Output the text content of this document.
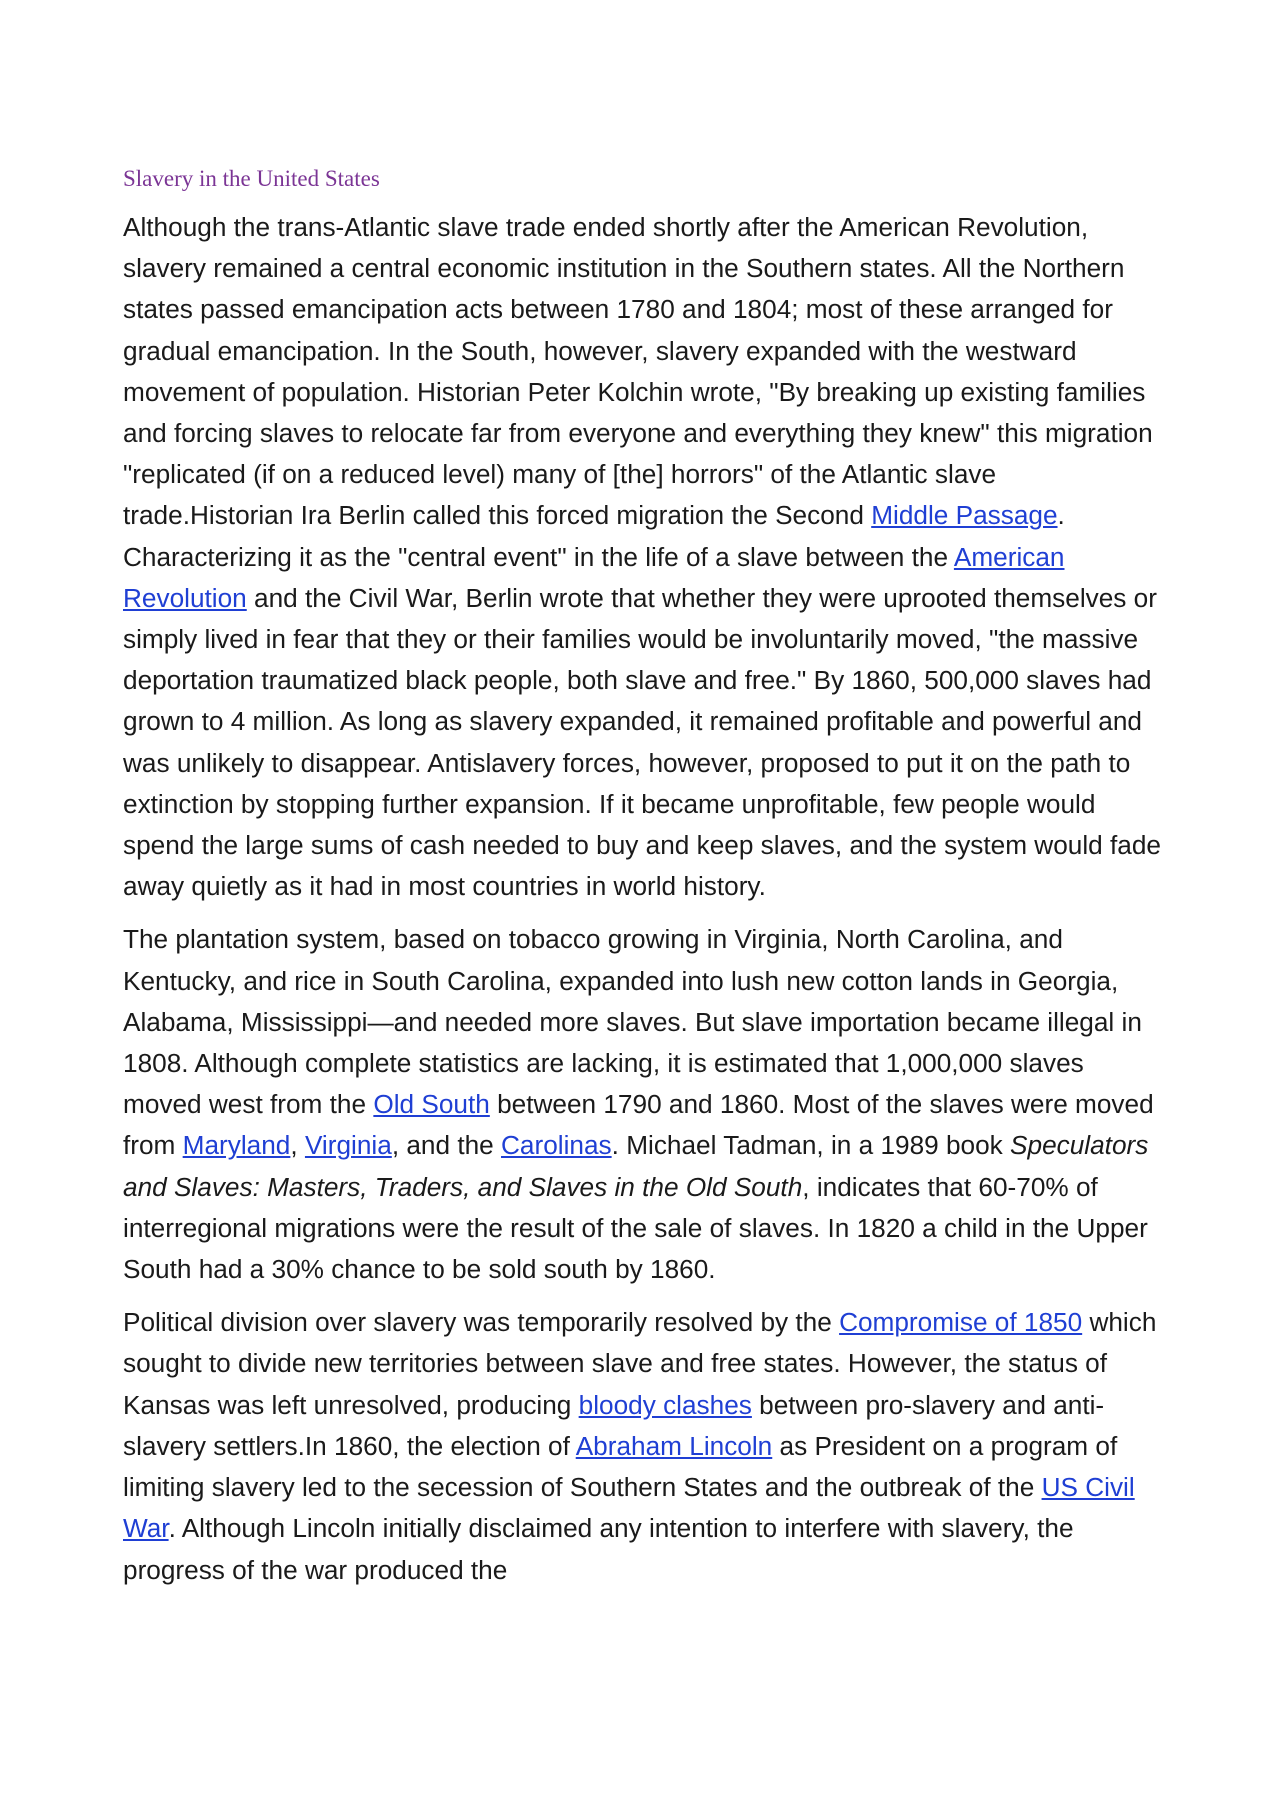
Slavery in the United States

Although the trans-Atlantic slave trade ended shortly after the American Revolution, slavery remained a central economic institution in the Southern states. All the Northern states passed emancipation acts between 1780 and 1804; most of these arranged for gradual emancipation. In the South, however, slavery expanded with the westward movement of population. Historian Peter Kolchin wrote, "By breaking up existing families and forcing slaves to relocate far from everyone and everything they knew" this migration "replicated (if on a reduced level) many of [the] horrors" of the Atlantic slave trade.Historian Ira Berlin called this forced migration the Second Middle Passage. Characterizing it as the "central event" in the life of a slave between the American Revolution and the Civil War, Berlin wrote that whether they were uprooted themselves or simply lived in fear that they or their families would be involuntarily moved, "the massive deportation traumatized black people, both slave and free." By 1860, 500,000 slaves had grown to 4 million. As long as slavery expanded, it remained profitable and powerful and was unlikely to disappear. Antislavery forces, however, proposed to put it on the path to extinction by stopping further expansion. If it became unprofitable, few people would spend the large sums of cash needed to buy and keep slaves, and the system would fade away quietly as it had in most countries in world history.

The plantation system, based on tobacco growing in Virginia, North Carolina, and Kentucky, and rice in South Carolina, expanded into lush new cotton lands in Georgia, Alabama, Mississippi—and needed more slaves. But slave importation became illegal in 1808. Although complete statistics are lacking, it is estimated that 1,000,000 slaves moved west from the Old South between 1790 and 1860. Most of the slaves were moved from Maryland, Virginia, and the Carolinas. Michael Tadman, in a 1989 book Speculators and Slaves: Masters, Traders, and Slaves in the Old South, indicates that 60-70% of interregional migrations were the result of the sale of slaves. In 1820 a child in the Upper South had a 30% chance to be sold south by 1860.

Political division over slavery was temporarily resolved by the Compromise of 1850 which sought to divide new territories between slave and free states. However, the status of Kansas was left unresolved, producing bloody clashes between pro-slavery and anti-slavery settlers.In 1860, the election of Abraham Lincoln as President on a program of limiting slavery led to the secession of Southern States and the outbreak of the US Civil War. Although Lincoln initially disclaimed any intention to interfere with slavery, the progress of the war produced the
